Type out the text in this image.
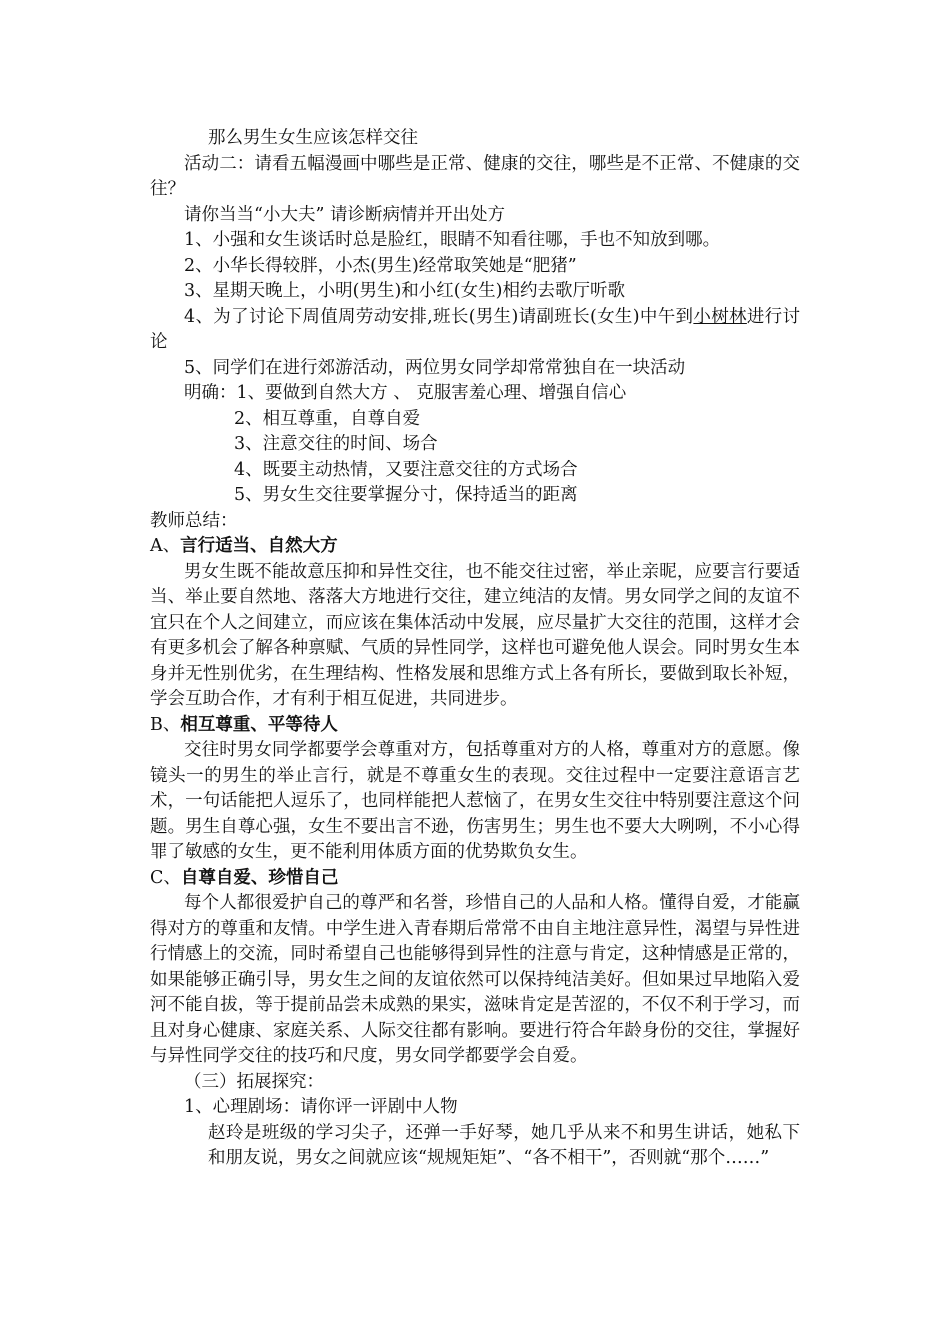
那么男生女生应该怎样交往
活动二：请看五幅漫画中哪些是正常、健康的交往，哪些是不正常、不健康的交往？
请你当当“小大夫” 请诊断病情并开出处方
1、小强和女生谈话时总是脸红，眼睛不知看往哪，手也不知放到哪。
2、小华长得较胖，小杰(男生)经常取笑她是“肥猪”
3、星期天晚上，小明(男生)和小红(女生)相约去歌厅听歌
4、为了讨论下周值周劳动安排,班长(男生)请副班长(女生)中午到小树林进行讨论
5、同学们在进行郊游活动，两位男女同学却常常独自在一块活动
明确：1、要做到自然大方 、 克服害羞心理、增强自信心
2、相互尊重，自尊自爱
3、注意交往的时间、场合
4、既要主动热情，又要注意交往的方式场合
5、男女生交往要掌握分寸，保持适当的距离
教师总结：
A、言行适当、自然大方
男女生既不能故意压抑和异性交往，也不能交往过密，举止亲昵，应要言行要适当、举止要自然地、落落大方地进行交往，建立纯洁的友情。男女同学之间的友谊不宜只在个人之间建立，而应该在集体活动中发展，应尽量扩大交往的范围，这样才会有更多机会了解各种禀赋、气质的异性同学，这样也可避免他人误会。同时男女生本身并无性别优劣，在生理结构、性格发展和思维方式上各有所长，要做到取长补短，学会互助合作，才有利于相互促进，共同进步。
B、相互尊重、平等待人
交往时男女同学都要学会尊重对方，包括尊重对方的人格，尊重对方的意愿。像镜头一的男生的举止言行，就是不尊重女生的表现。交往过程中一定要注意语言艺术，一句话能把人逗乐了，也同样能把人惹恼了，在男女生交往中特别要注意这个问题。男生自尊心强，女生不要出言不逊，伤害男生；男生也不要大大咧咧，不小心得罪了敏感的女生，更不能利用体质方面的优势欺负女生。
C、自尊自爱、珍惜自己
每个人都很爱护自己的尊严和名誉，珍惜自己的人品和人格。懂得自爱，才能赢得对方的尊重和友情。中学生进入青春期后常常不由自主地注意异性，渴望与异性进行情感上的交流，同时希望自己也能够得到异性的注意与肯定，这种情感是正常的，如果能够正确引导，男女生之间的友谊依然可以保持纯洁美好。但如果过早地陷入爱河不能自拔，等于提前品尝未成熟的果实，滋味肯定是苦涩的，不仅不利于学习，而且对身心健康、家庭关系、人际交往都有影响。要进行符合年龄身份的交往，掌握好与异性同学交往的技巧和尺度，男女同学都要学会自爱。
（三）拓展探究：
1、心理剧场：请你评一评剧中人物
赵玲是班级的学习尖子，还弹一手好琴，她几乎从来不和男生讲话，她私下和朋友说，男女之间就应该“规规矩矩”、“各不相干”，否则就“那个……”
